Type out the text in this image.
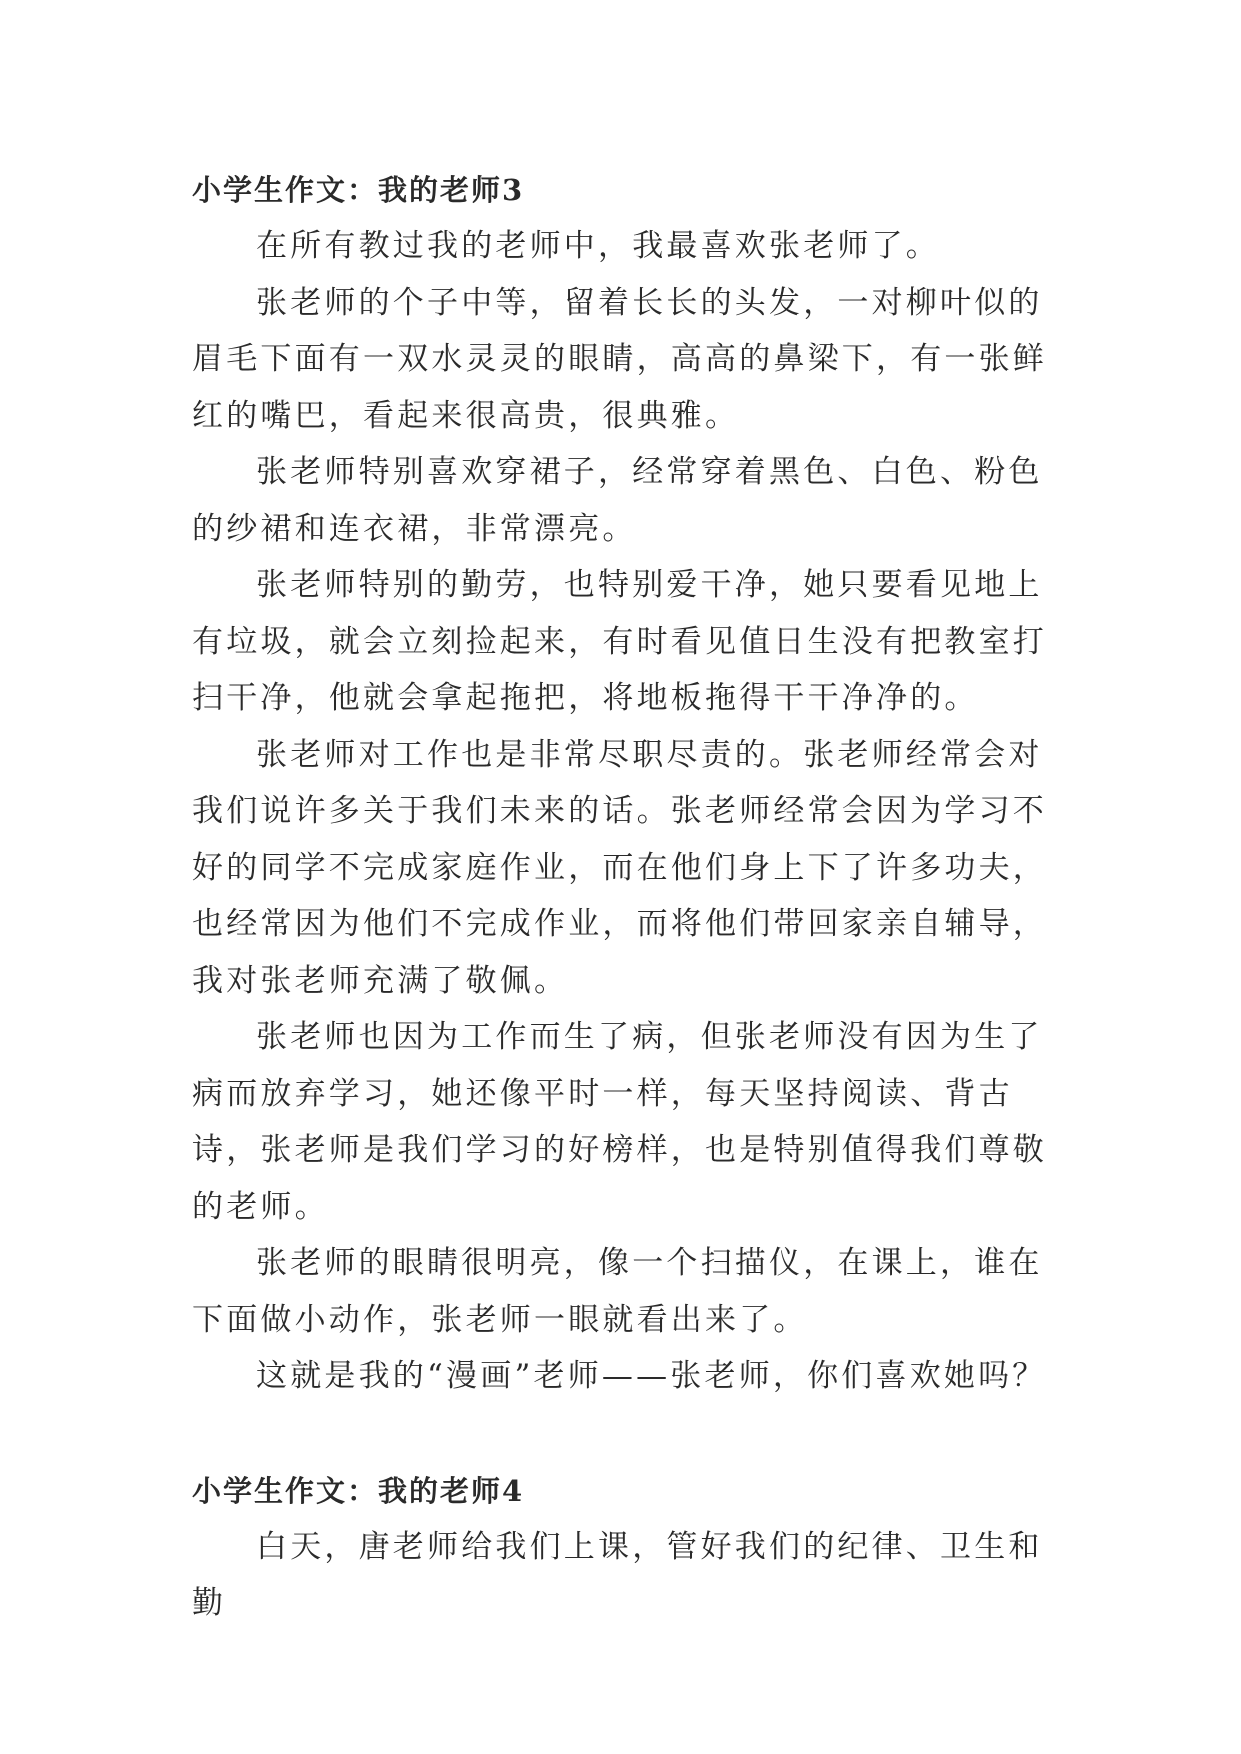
小学生作文：我的老师3

在所有教过我的老师中，我最喜欢张老师了。

张老师的个子中等，留着长长的头发，一对柳叶似的眉毛下面有一双水灵灵的眼睛，高高的鼻梁下，有一张鲜红的嘴巴，看起来很高贵，很典雅。

张老师特别喜欢穿裙子，经常穿着黑色、白色、粉色的纱裙和连衣裙，非常漂亮。

张老师特别的勤劳，也特别爱干净，她只要看见地上有垃圾，就会立刻捡起来，有时看见值日生没有把教室打扫干净，他就会拿起拖把，将地板拖得干干净净的。

张老师对工作也是非常尽职尽责的。张老师经常会对我们说许多关于我们未来的话。张老师经常会因为学习不好的同学不完成家庭作业，而在他们身上下了许多功夫，也经常因为他们不完成作业，而将他们带回家亲自辅导，我对张老师充满了敬佩。

张老师也因为工作而生了病，但张老师没有因为生了病而放弃学习，她还像平时一样，每天坚持阅读、背古诗，张老师是我们学习的好榜样，也是特别值得我们尊敬的老师。

张老师的眼睛很明亮，像一个扫描仪，在课上，谁在下面做小动作，张老师一眼就看出来了。

这就是我的“漫画”老师——张老师，你们喜欢她吗？

小学生作文：我的老师4

白天，唐老师给我们上课，管好我们的纪律、卫生和勤
